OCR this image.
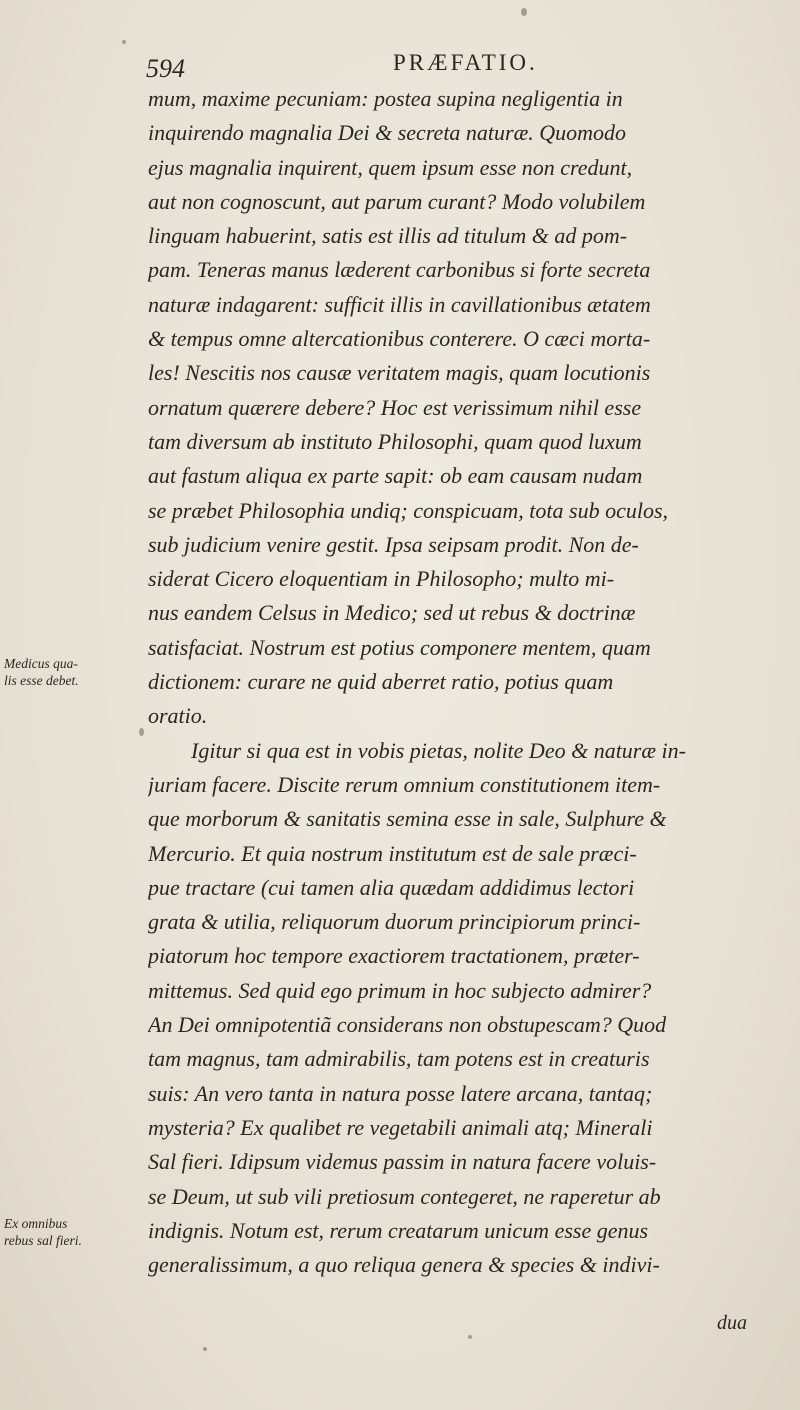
594	PRÆFATIO.
mum, maxime pecuniam: postea supina negligentia in
inquirendo magnalia Dei & secreta naturæ. Quomodo
ejus magnalia inquirent, quem ipsum esse non credunt,
aut non cognoscunt, aut parum curant? Modo volubilem
linguam habuerint, satis est illis ad titulum & ad pom-
pam. Teneras manus læderent carbonibus si forte secreta
naturæ indagarent: sufficit illis in cavillationibus ætatem
& tempus omne altercationibus conterere. O cæci morta-
les! Nescitis nos causæ veritatem magis, quam locutionis
ornatum quærere debere? Hoc est verissimum nihil esse
tam diversum ab instituto Philosophi, quam quod luxum
aut fastum aliqua ex parte sapit: ob eam causam nudam
se præbet Philosophia undiq; conspicuam, tota sub oculos,
sub judicium venire gestit. Ipsa seipsam prodit. Non de-
siderat Cicero eloquentiam in Philosopho; multo mi-
nus eandem Celsus in Medico; sed ut rebus & doctrinæ
satisfaciat. Nostrum est potius componere mentem, quam
dictionem: curare ne quid aberret ratio, potius quam
oratio.
Igitur si qua est in vobis pietas, nolite Deo & naturæ in-
juriam facere. Discite rerum omnium constitutionem item-
que morborum & sanitatis semina esse in sale, Sulphure &
Mercurio. Et quia nostrum institutum est de sale præci-
pue tractare (cui tamen alia quædam addidimus lectori
grata & utilia, reliquorum duorum principiorum princi-
piatorum hoc tempore exactiorem tractationem, præter-
mittemus. Sed quid ego primum in hoc subjecto admirer?
An Dei omnipotentiã considerans non obstupescam? Quod
tam magnus, tam admirabilis, tam potens est in creaturis
suis: An vero tanta in natura posse latere arcana, tantaq;
mysteria? Ex qualibet re vegetabili animali atq; Minerali
Sal fieri. Idipsum videmus passim in natura facere voluis-
se Deum, ut sub vili pretiosum contegeret, ne raperetur ab
indignis. Notum est, rerum creatarum unicum esse genus
generalissimum, a quo reliqua genera & species & indivi-
Medicus qua-
lis esse debet.
Ex omnibus
rebus sal fieri.
dua
